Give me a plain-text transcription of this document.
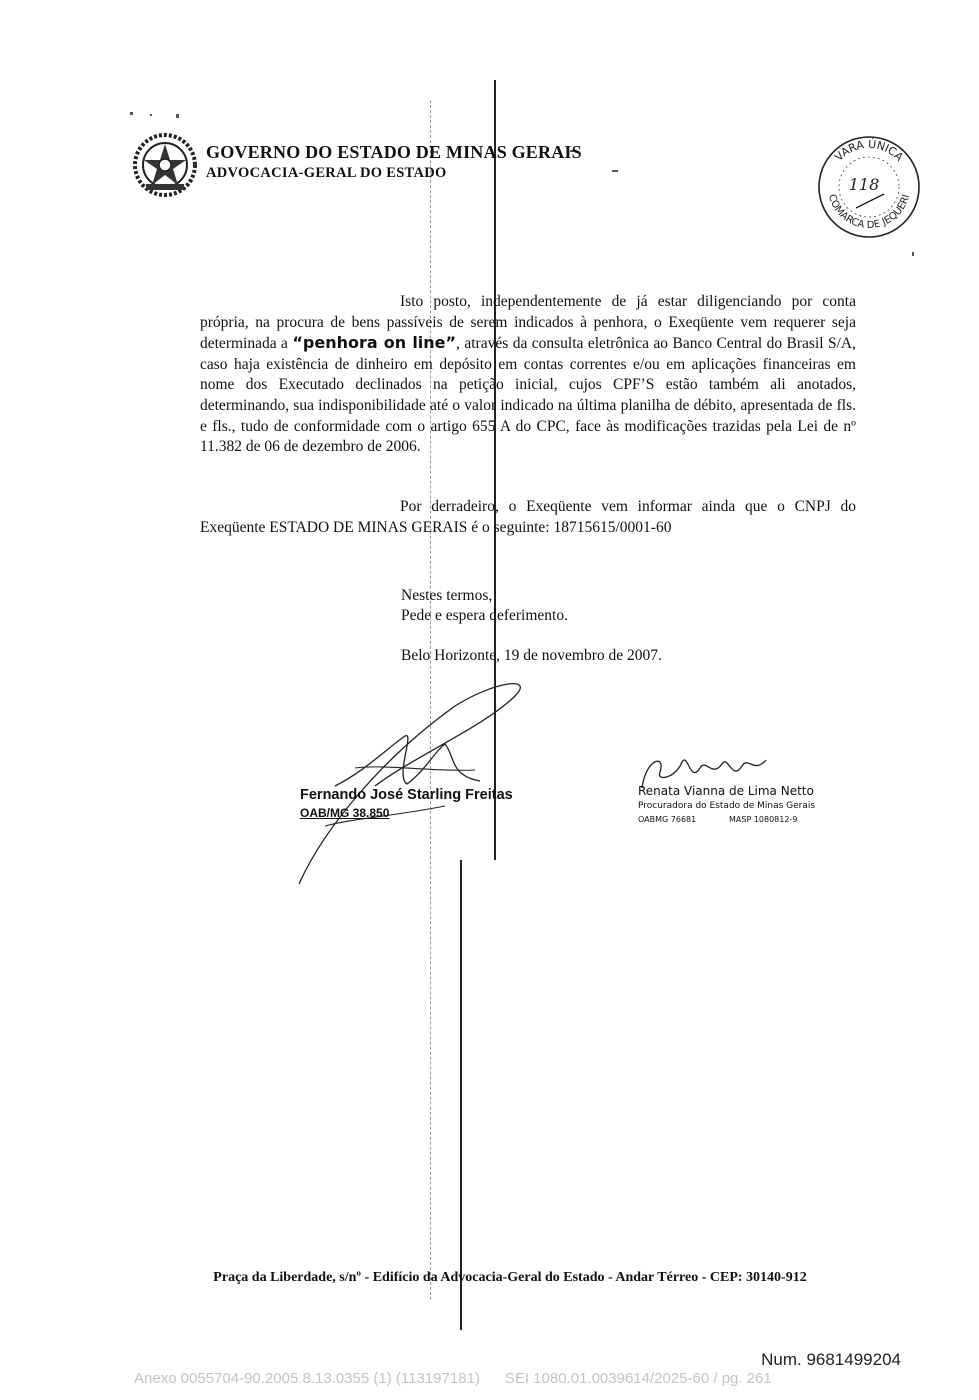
GOVERNO DO ESTADO DE MINAS GERAIS
ADVOCACIA-GERAL DO ESTADO
VARA ÚNICA
COMARCA DE JEQUERI
118
Isto posto, independentemente de já estar diligenciando por conta própria, na procura de bens passíveis de serem indicados à penhora, o Exeqüente vem requerer seja determinada a “penhora on line”, através da consulta eletrônica ao Banco Central do Brasil S/A, caso haja existência de dinheiro em depósito em contas correntes e/ou em aplicações financeiras em nome dos Executado declinados na petição inicial, cujos CPF’S estão também ali anotados, determinando, sua indisponibilidade até o valor indicado na última planilha de débito, apresentada de fls. e fls., tudo de conformidade com o artigo 655 A do CPC, face às modificações trazidas pela Lei de nº 11.382 de 06 de dezembro de 2006.
Por derradeiro, o Exeqüente vem informar ainda que o CNPJ do Exeqüente ESTADO DE MINAS GERAIS é o seguinte: 18715615/0001-60
Nestes termos,
Pede e espera deferimento.
Belo Horizonte, 19 de novembro de 2007.
Fernando José Starling Freitas
OAB/MG 38.850
Renata Vianna de Lima Netto
Procuradora do Estado de Minas Gerais
OABMG 76681	MASP 1080812-9
Praça da Liberdade, s/nº - Edifício da Advocacia-Geral do Estado - Andar Térreo - CEP: 30140-912
Num. 9681499204
Anexo 0055704-90.2005.8.13.0355 (1) (113197181)      SEI 1080.01.0039614/2025-60 / pg. 261
